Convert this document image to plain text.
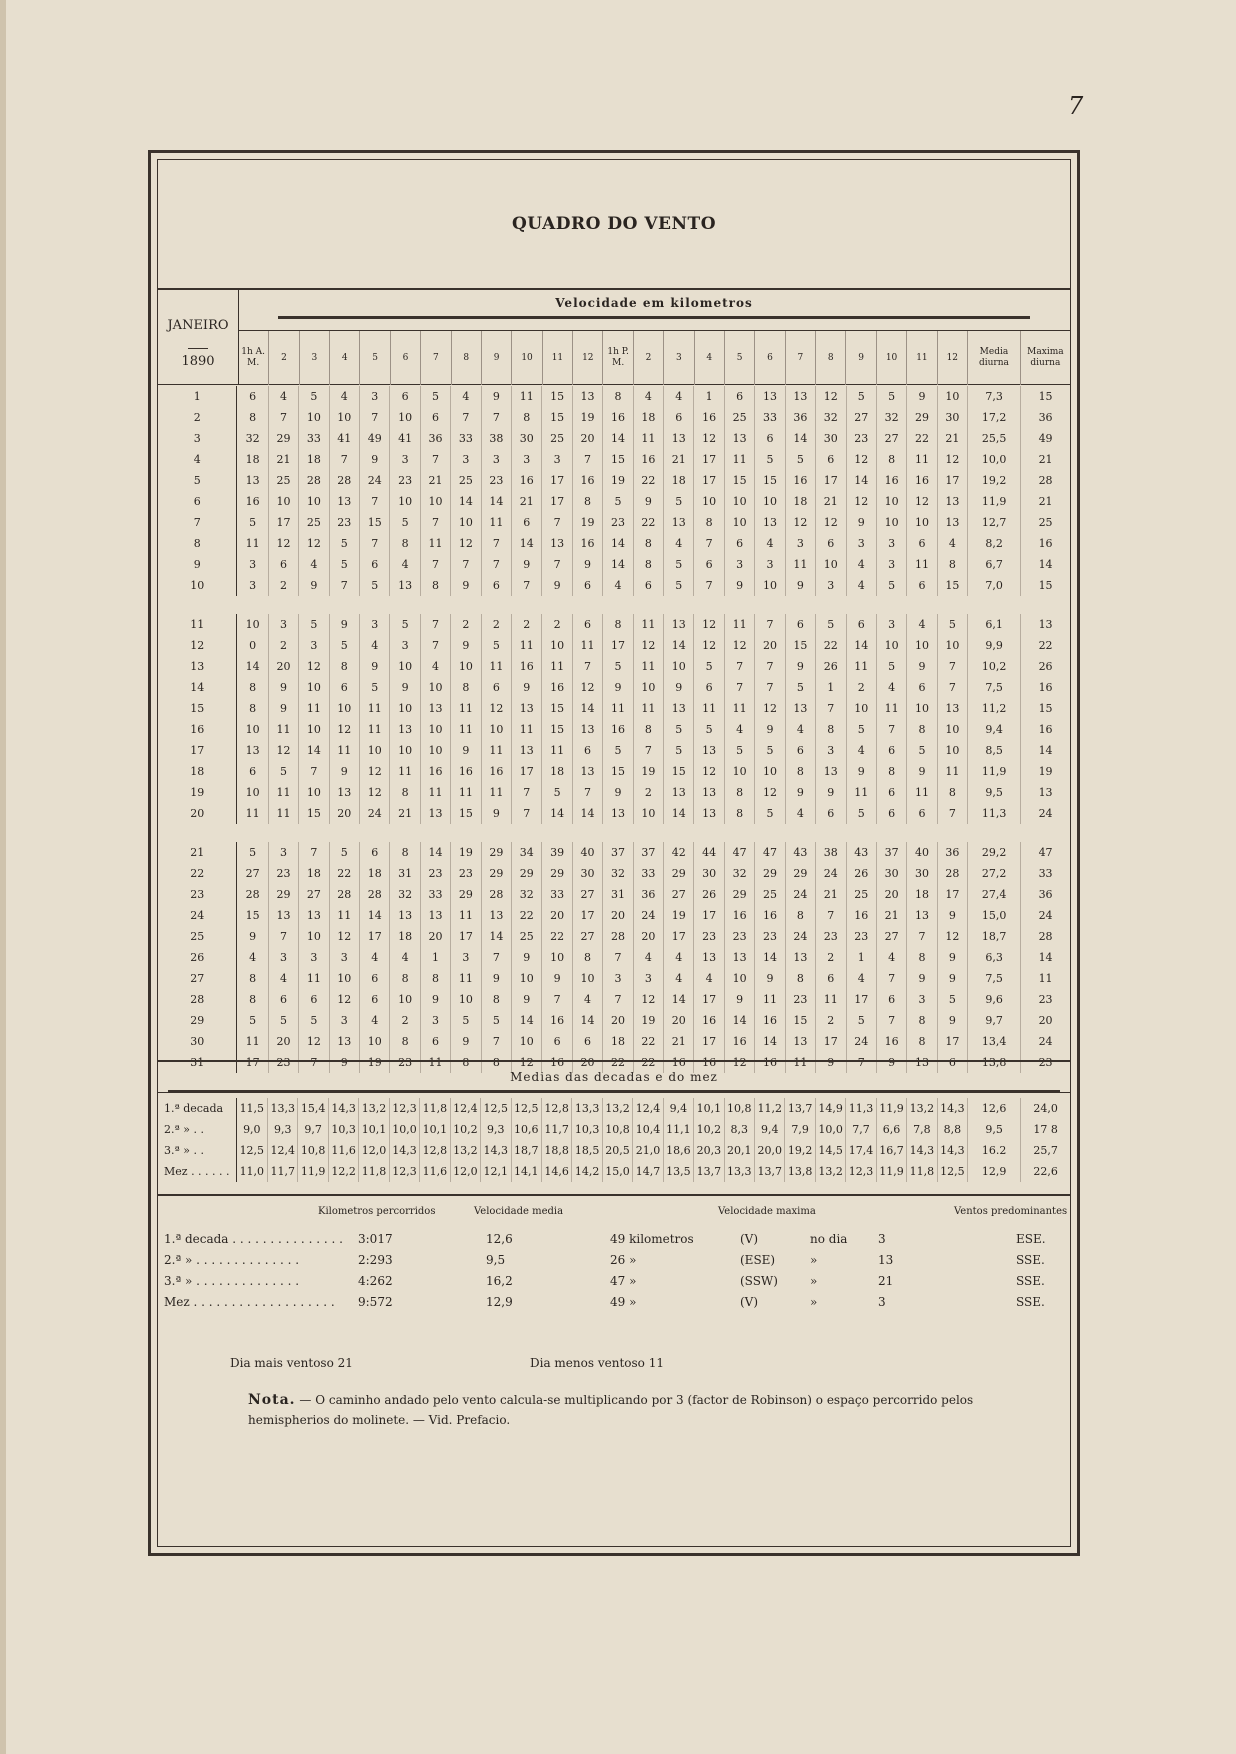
7
QUADRO DO VENTO
JANEIRO
1890
Velocidade em kilometros
1h A. M.
2	3	4	5	6	7	8	9	10	11	12
1h P. M.
2	3	4	5	6	7	8	9	10	11	12
Media diurna
Maxima diurna
1	6	4	5	4	3	6	5	4	9	11	15	13	8	4	4	1	6	13	13	12	5	5	9	10	7,3	15
2	8	7	10	10	7	10	6	7	7	8	15	19	16	18	6	16	25	33	36	32	27	32	29	30	17,2	36
3	32	29	33	41	49	41	36	33	38	30	25	20	14	11	13	12	13	6	14	30	23	27	22	21	25,5	49
4	18	21	18	7	9	3	7	3	3	3	3	7	15	16	21	17	11	5	5	6	12	8	11	12	10,0	21
5	13	25	28	28	24	23	21	25	23	16	17	16	19	22	18	17	15	15	16	17	14	16	16	17	19,2	28
6	16	10	10	13	7	10	10	14	14	21	17	8	5	9	5	10	10	10	18	21	12	10	12	13	11,9	21
7	5	17	25	23	15	5	7	10	11	6	7	19	23	22	13	8	10	13	12	12	9	10	10	13	12,7	25
8	11	12	12	5	7	8	11	12	7	14	13	16	14	8	4	7	6	4	3	6	3	3	6	4	8,2	16
9	3	6	4	5	6	4	7	7	7	9	7	9	14	8	5	6	3	3	11	10	4	3	11	8	6,7	14
10	3	2	9	7	5	13	8	9	6	7	9	6	4	6	5	7	9	10	9	3	4	5	6	15	7,0	15
11	10	3	5	9	3	5	7	2	2	2	2	6	8	11	13	12	11	7	6	5	6	3	4	5	6,1	13
12	0	2	3	5	4	3	7	9	5	11	10	11	17	12	14	12	12	20	15	22	14	10	10	10	9,9	22
13	14	20	12	8	9	10	4	10	11	16	11	7	5	11	10	5	7	7	9	26	11	5	9	7	10,2	26
14	8	9	10	6	5	9	10	8	6	9	16	12	9	10	9	6	7	7	5	1	2	4	6	7	7,5	16
15	8	9	11	10	11	10	13	11	12	13	15	14	11	11	13	11	11	12	13	7	10	11	10	13	11,2	15
16	10	11	10	12	11	13	10	11	10	11	15	13	16	8	5	5	4	9	4	8	5	7	8	10	9,4	16
17	13	12	14	11	10	10	10	9	11	13	11	6	5	7	5	13	5	5	6	3	4	6	5	10	8,5	14
18	6	5	7	9	12	11	16	16	16	17	18	13	15	19	15	12	10	10	8	13	9	8	9	11	11,9	19
19	10	11	10	13	12	8	11	11	11	7	5	7	9	2	13	13	8	12	9	9	11	6	11	8	9,5	13
20	11	11	15	20	24	21	13	15	9	7	14	14	13	10	14	13	8	5	4	6	5	6	6	7	11,3	24
21	5	3	7	5	6	8	14	19	29	34	39	40	37	37	42	44	47	47	43	38	43	37	40	36	29,2	47
22	27	23	18	22	18	31	23	23	29	29	29	30	32	33	29	30	32	29	29	24	26	30	30	28	27,2	33
23	28	29	27	28	28	32	33	29	28	32	33	27	31	36	27	26	29	25	24	21	25	20	18	17	27,4	36
24	15	13	13	11	14	13	13	11	13	22	20	17	20	24	19	17	16	16	8	7	16	21	13	9	15,0	24
25	9	7	10	12	17	18	20	17	14	25	22	27	28	20	17	23	23	23	24	23	23	27	7	12	18,7	28
26	4	3	3	3	4	4	1	3	7	9	10	8	7	4	4	13	13	14	13	2	1	4	8	9	6,3	14
27	8	4	11	10	6	8	8	11	9	10	9	10	3	3	4	4	10	9	8	6	4	7	9	9	7,5	11
28	8	6	6	12	6	10	9	10	8	9	7	4	7	12	14	17	9	11	23	11	17	6	3	5	9,6	23
29	5	5	5	3	4	2	3	5	5	14	16	14	20	19	20	16	14	16	15	2	5	7	8	9	9,7	20
30	11	20	12	13	10	8	6	9	7	10	6	6	18	22	21	17	16	14	13	17	24	16	8	17	13,4	24
31	17	23	7	9	19	23	11	8	8	12	16	20	22	22	16	16	12	16	11	9	7	9	13	6	13,8	23
Medias das decadas e do mez
1.ª decada	11,5 13,3 15,4 14,3 13,2 12,3 11,8 12,4 12,5 12,5 12,8 13,3 13,2 12,4 9,4 10,1 10,8 11,2 13,7 14,9 11,3 11,9 13,2 14,3	12,6	24,0
2.ª » . .	9,0	9,3	9,7 10,3 10,1 10,0 10,1 10,2 9,3 10,6 11,7 10,3 10,8 10,4 11,1 10,2 8,3	9,4	7,9 10,0 7,7	6,6	7,8	8,8	9,5	17 8
3.ª » . .	12,5 12,4 10,8 11,6 12,0 14,3 12,8 13,2 14,3 18,7 18,8 18,5 20,5 21,0 18,6 20,3 20,1 20,0 19,2 14,5 17,4 16,7 14,3 14,3	16.2	25,7
Mez . . . . . . 11,0 11,7 11,9 12,2 11,8 12,3 11,6 12,0 12,1 14,1 14,6 14,2 15,0 14,7 13,5 13,7 13,3 13,7 13,8 13,2 12,3 11,9 11,8 12,5	12,9	22,6
Kilometros percorridos	Velocidade media	Velocidade maxima	Ventos predominantes
Dia mais ventoso 21	Dia menos ventoso 11
Nota. — O caminho andado pelo vento calcula-se multiplicando por 3 (factor de Robinson) o espaço percorrido pelos hemispherios do molinete. — Vid. Prefacio.
1.ª decada . . . . . . . . . . . . . . . 3:017	12,6	49 kilometros	(V)	no dia	3	ESE.
2.ª » . . . . . . . . . . . . . .	2:293	9,5	26 »	(ESE)	»	13	SSE.
3.ª » . . . . . . . . . . . . . .	4:262	16,2	47 »	(SSW)	»	21	SSE.
Mez . . . . . . . . . . . . . . . . . . . 9:572	12,9	49 »	(V)	»	3	SSE.
